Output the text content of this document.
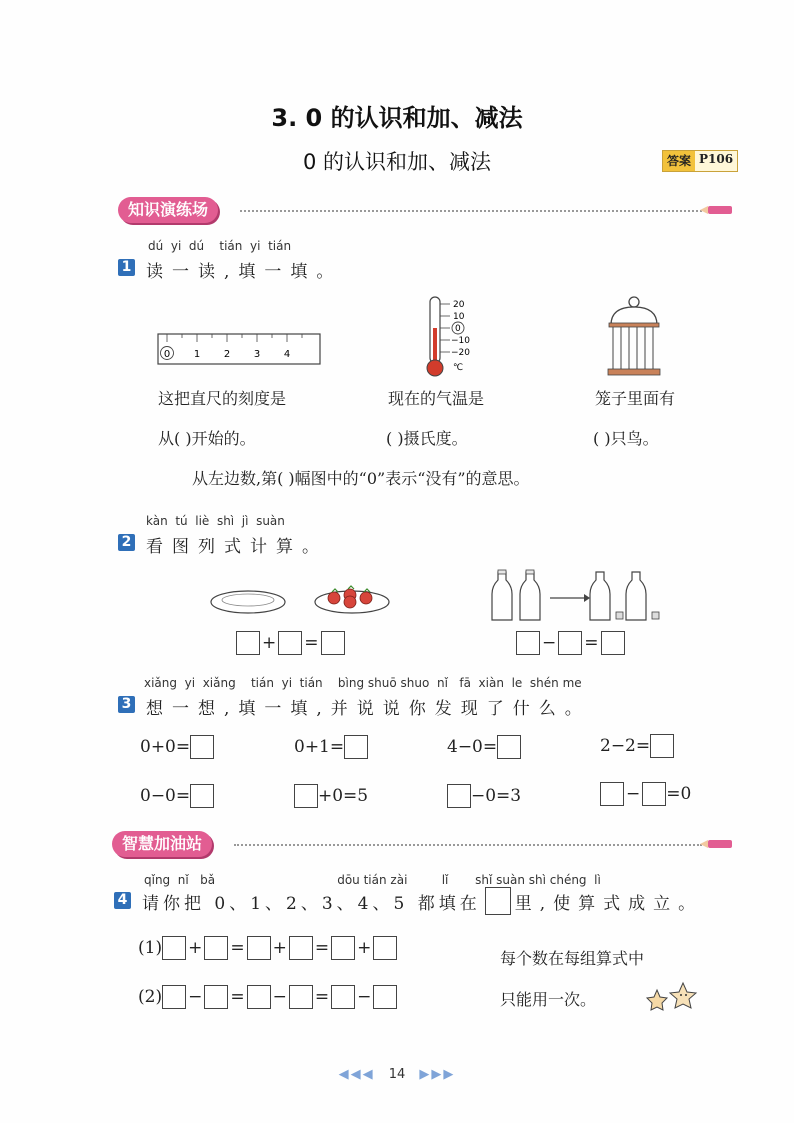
3. 0 的认识和加、减法
0 的认识和加、减法	答案 P106
知识演练场
dú  yi  dú    tián  yi  tián
1 读一读,填一填。
0 1 2 3 4
20
10
0
−10
−20
℃
这把直尺的刻度是
从( )开始的。
现在的气温是
( )摄氏度。
笼子里面有
( )只鸟。
从左边数,第( )幅图中的“0”表示“没有”的意思。
kàn  tú  liè  shì  jì  suàn
2 看图列式计算。
+ =	− =
xiǎng  yi  xiǎng    tián  yi  tián    bìng shuō shuo  nǐ   fā  xiàn  le  shén me
3 想一想,填一填,并说说你发现了什么。
0+0=	0+1=	4−0=	2−2=
0−0=	+0=5	−0=3	− =0
智慧加油站
qǐng  nǐ   bǎ                                dōu tián zài         lǐ       shǐ suàn shì chéng  lì
4 请你把 0、1、2、3、4、5 都填在 里,使算式成立。
(1) + = + = +
(2) − = − = −
每个数在每组算式中
只能用一次。
◀◀◀ 14 ▶▶▶
